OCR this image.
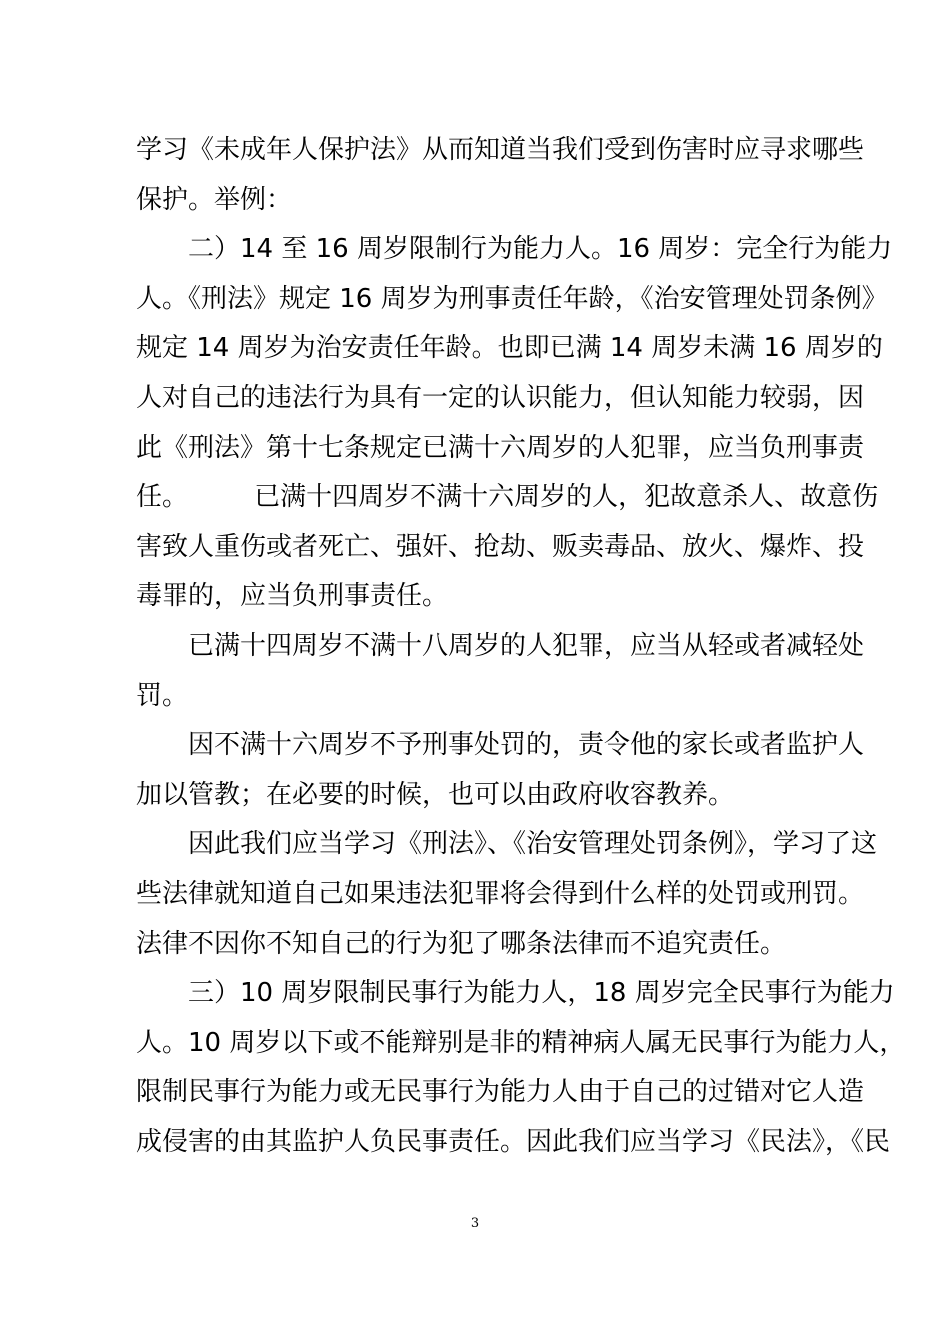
学习《未成年人保护法》从而知道当我们受到伤害时应寻求哪些
保护。举例：
二）14 至 16 周岁限制行为能力人。16 周岁：完全行为能力
人。《刑法》规定 16 周岁为刑事责任年龄，《治安管理处罚条例》
规定 14 周岁为治安责任年龄。也即已满 14 周岁未满 16 周岁的
人对自己的违法行为具有一定的认识能力，但认知能力较弱，因
此《刑法》第十七条规定已满十六周岁的人犯罪，应当负刑事责
任。        已满十四周岁不满十六周岁的人，犯故意杀人、故意伤
害致人重伤或者死亡、强奸、抢劫、贩卖毒品、放火、爆炸、投
毒罪的，应当负刑事责任。
已满十四周岁不满十八周岁的人犯罪，应当从轻或者减轻处
罚。
因不满十六周岁不予刑事处罚的，责令他的家长或者监护人
加以管教；在必要的时候，也可以由政府收容教养。
因此我们应当学习《刑法》、《治安管理处罚条例》，学习了这
些法律就知道自己如果违法犯罪将会得到什么样的处罚或刑罚。
法律不因你不知自己的行为犯了哪条法律而不追究责任。
三）10 周岁限制民事行为能力人，18 周岁完全民事行为能力
人。10 周岁以下或不能辩别是非的精神病人属无民事行为能力人，
限制民事行为能力或无民事行为能力人由于自己的过错对它人造
成侵害的由其监护人负民事责任。因此我们应当学习《民法》，《民
3
